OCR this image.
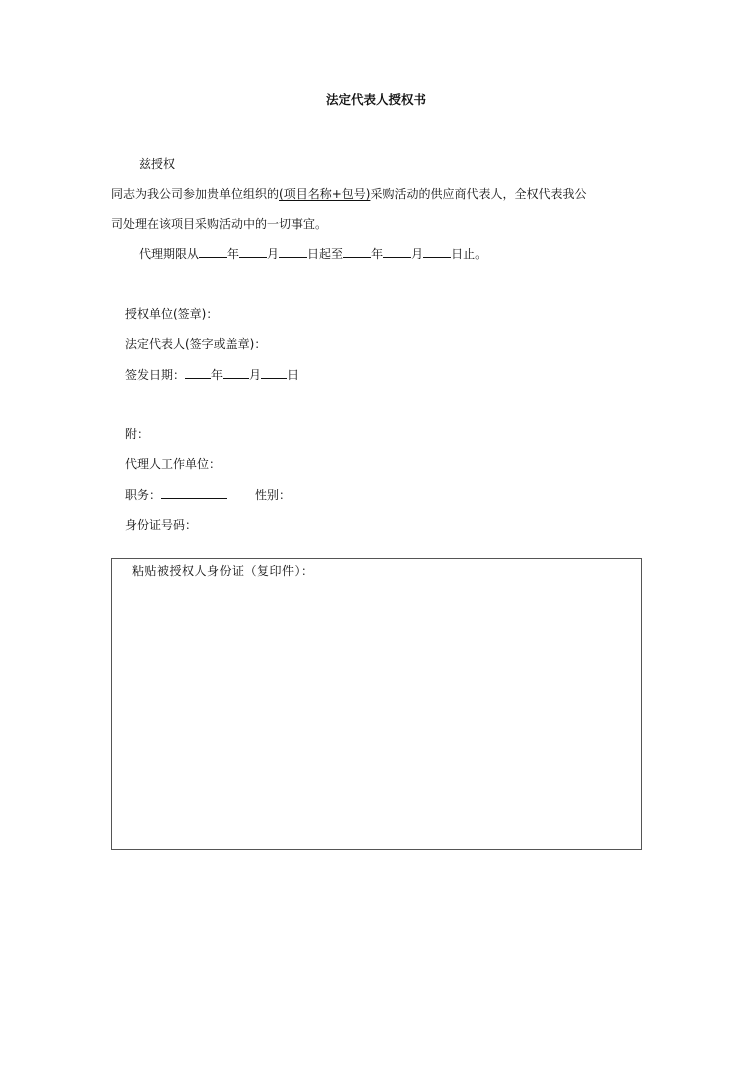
法定代表人授权书
兹授权
同志为我公司参加贵单位组织的(项目名称+包号)采购活动的供应商代表人，全权代表我公
司处理在该项目采购活动中的一切事宜。
代理期限从 年 月 日起至 年 月 日止。
授权单位(签章)：
法定代表人(签字或盖章)：
签发日期： 年 月 日
附：
代理人工作单位：
职务：	性别：
身份证号码：
粘贴被授权人身份证（复印件）：
